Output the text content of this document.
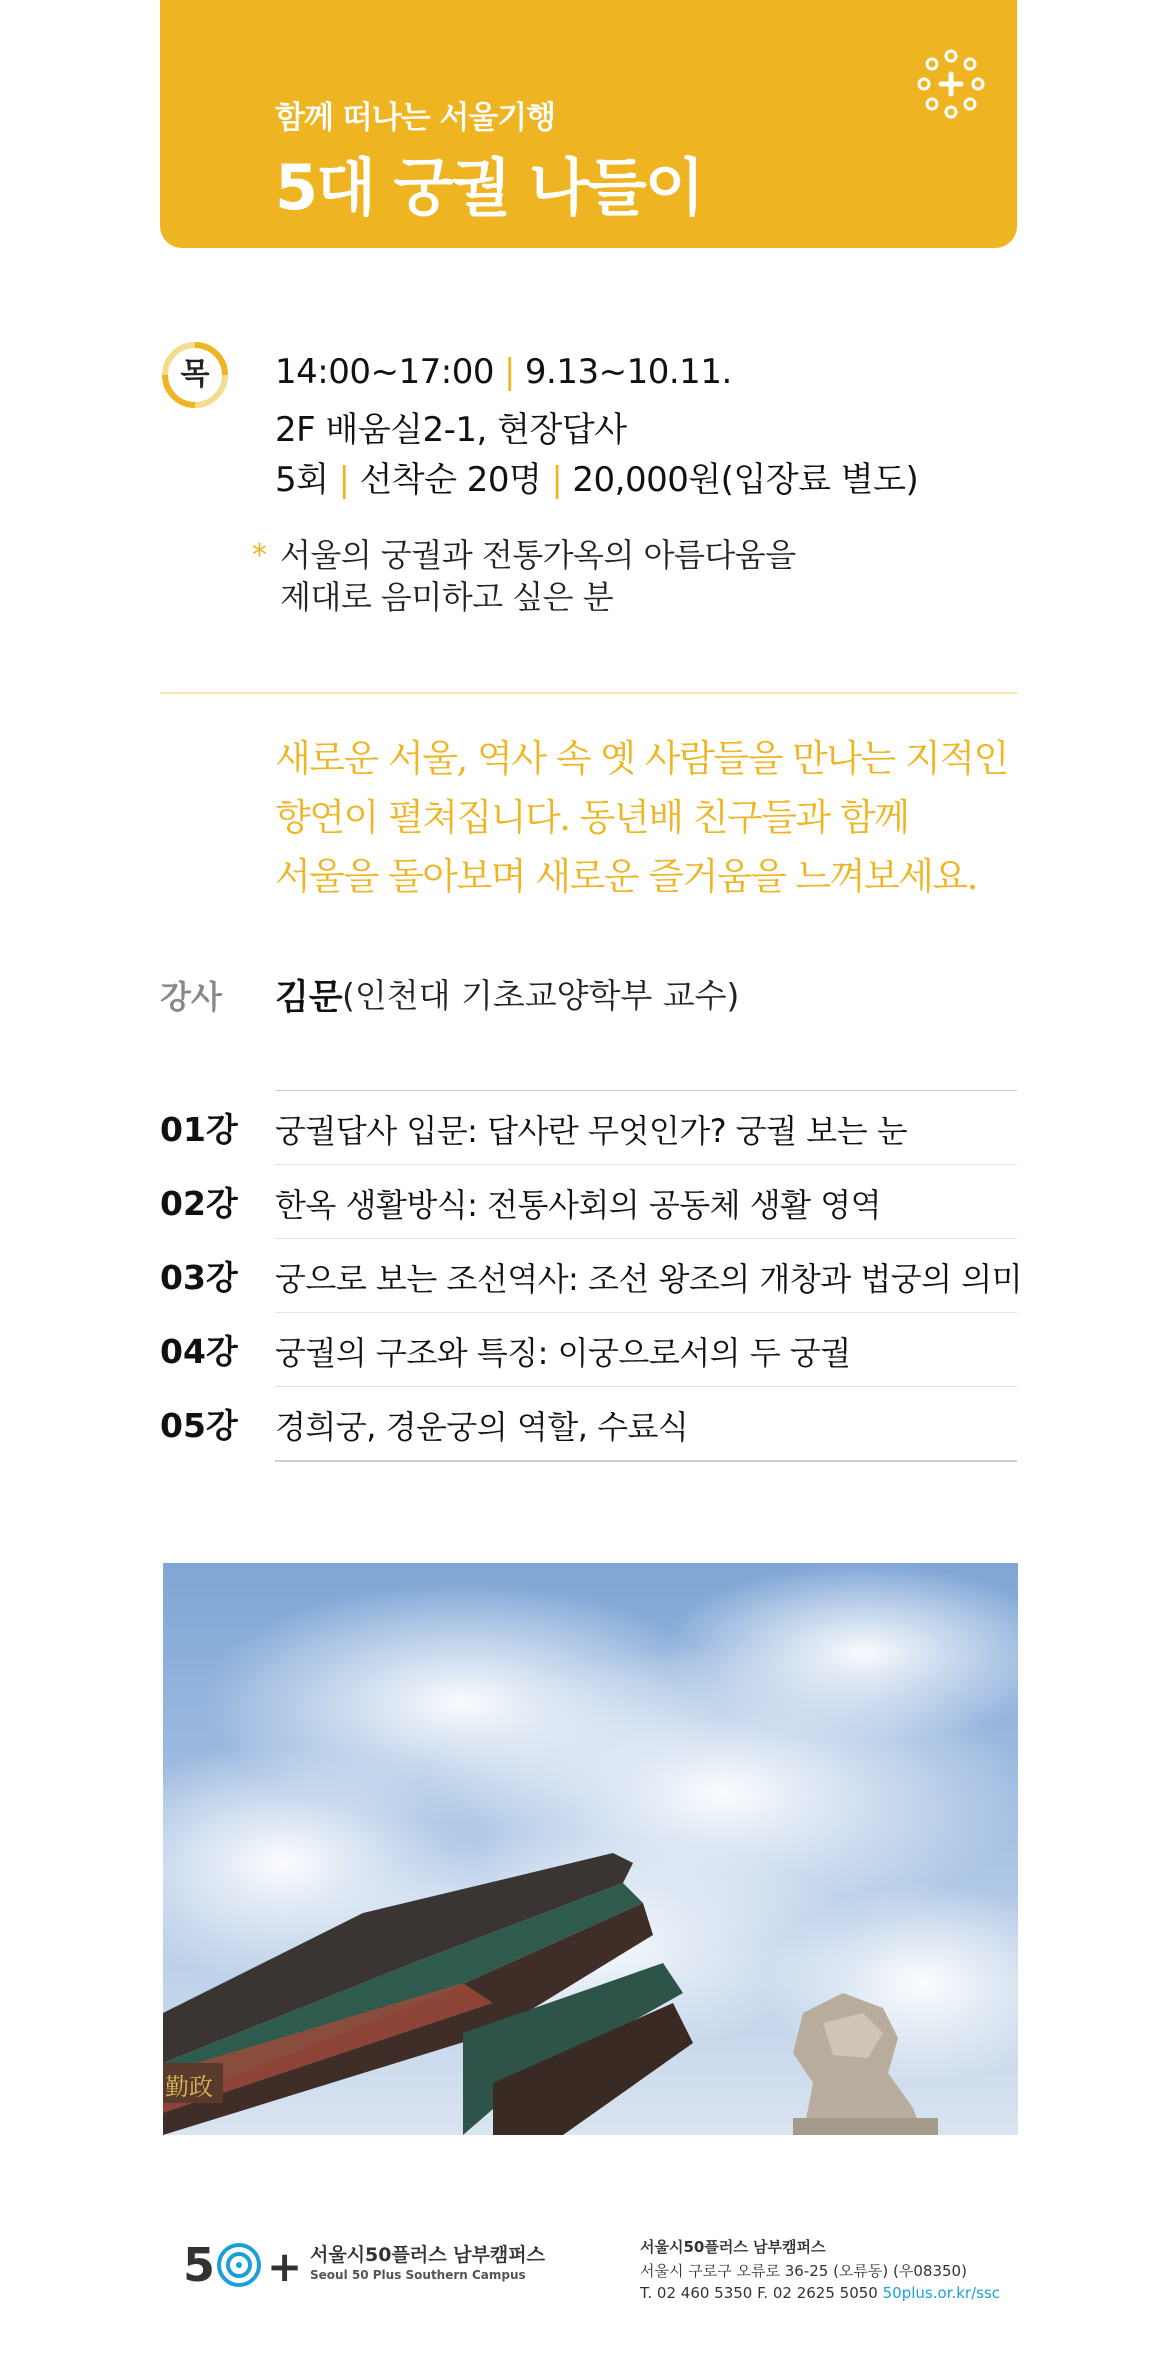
함께 떠나는 서울기행
5대 궁궐 나들이
목	14:00~17:00 | 9.13~10.11.
2F 배움실2-1, 현장답사
5회 | 선착순 20명 | 20,000원(입장료 별도)
* 서울의 궁궐과 전통가옥의 아름다움을
제대로 음미하고 싶은 분
새로운 서울, 역사 속 옛 사람들을 만나는 지적인
향연이 펼쳐집니다. 동년배 친구들과 함께
서울을 돌아보며 새로운 즐거움을 느껴보세요.
강사 김문 (인천대 기초교양학부 교수)
01강 궁궐답사 입문: 답사란 무엇인가? 궁궐 보는 눈
02강 한옥 생활방식: 전통사회의 공동체 생활 영역
03강 궁으로 보는 조선역사: 조선 왕조의 개창과 법궁의 의미
04강 궁궐의 구조와 특징: 이궁으로서의 두 궁궐
05강 경희궁, 경운궁의 역할, 수료식
勤政
5 + 서울시50플러스 남부캠퍼스
Seoul 50 Plus Southern Campus
서울시50플러스 남부캠퍼스
서울시 구로구 오류로 36-25 (오류동) (우08350)
T. 02 460 5350 F. 02 2625 5050 50plus.or.kr/ssc
